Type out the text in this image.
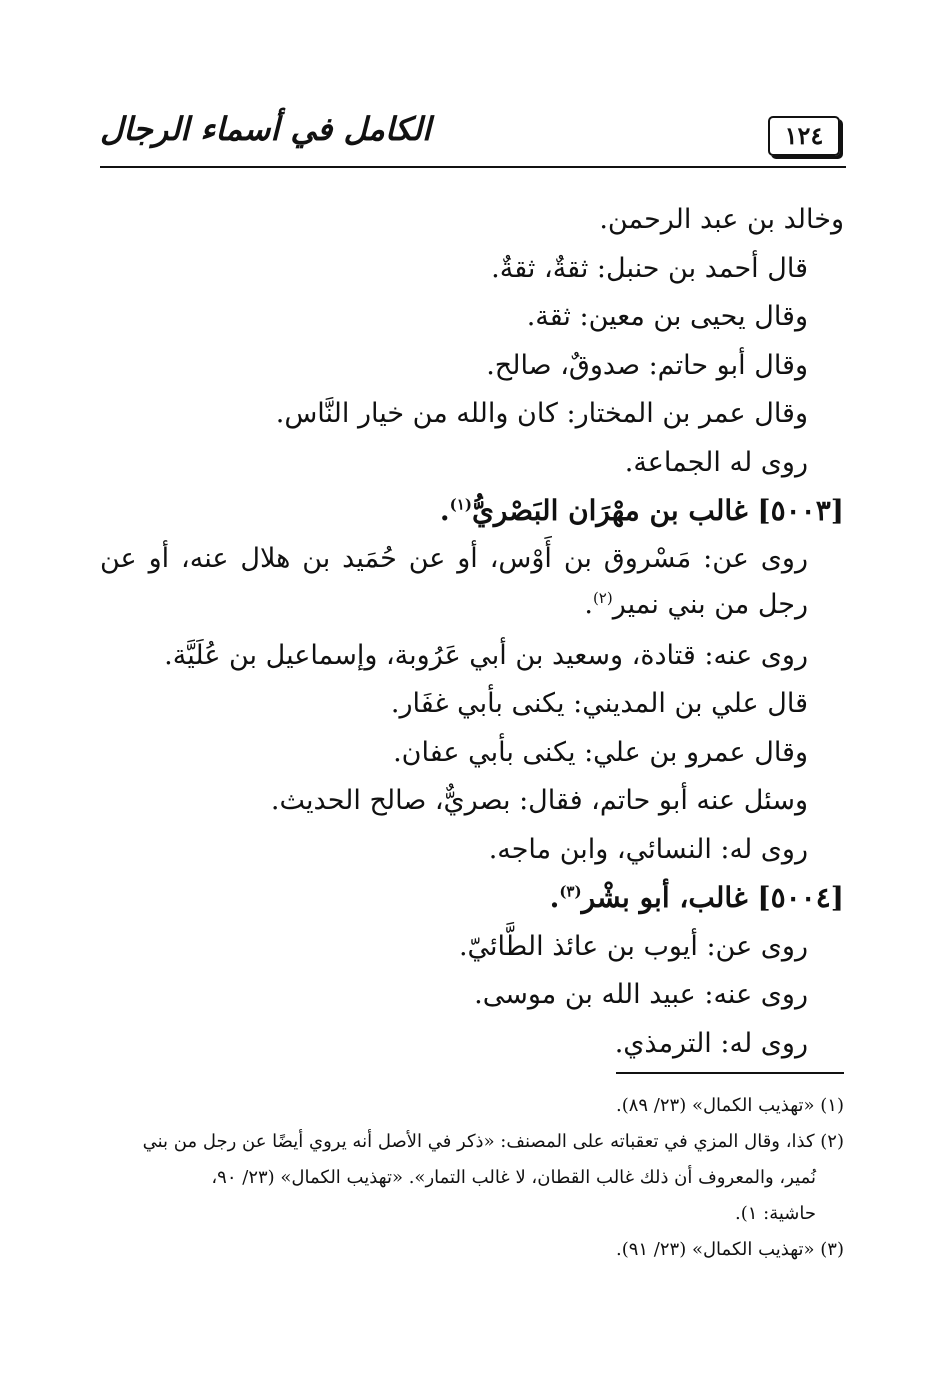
الكامل في أسماء الرجال	١٢٤
وخالد بن عبد الرحمن.
قال أحمد بن حنبل: ثقةٌ، ثقةٌ.
وقال يحيى بن معين: ثقة.
وقال أبو حاتم: صدوقٌ، صالح.
وقال عمر بن المختار: كان والله من خيار النَّاس.
روى له الجماعة.
[٥٠٠٣] غالب بن مهْرَان البَصْريُّ$^{(١)}$.
روى عن: مَسْروق بن أَوْس، أو عن حُمَيد بن هلال عنه، أو عن رجل من بني نمير$^{(٢)}$.
روى عنه: قتادة، وسعيد بن أبي عَرُوبة، وإسماعيل بن عُلَيَّة.
قال علي بن المديني: يكنى بأبي غفَار.
وقال عمرو بن علي: يكنى بأبي عفان.
وسئل عنه أبو حاتم، فقال: بصريٌّ، صالح الحديث.
روى له: النسائي، وابن ماجه.
[٥٠٠٤] غالب، أبو بشْر$^{(٣)}$.
روى عن: أيوب بن عائذ الطَّائيّ.
روى عنه: عبيد الله بن موسى.
روى له: الترمذي.
(١) «تهذيب الكمال» (٢٣/ ٨٩).
(٢) كذا، وقال المزي في تعقباته على المصنف: «ذكر في الأصل أنه يروي أيضًا عن رجل من بني
نُمير، والمعروف أن ذلك غالب القطان، لا غالب التمار». «تهذيب الكمال» (٢٣/ ٩٠،
حاشية: ١).
(٣) «تهذيب الكمال» (٢٣/ ٩١).
